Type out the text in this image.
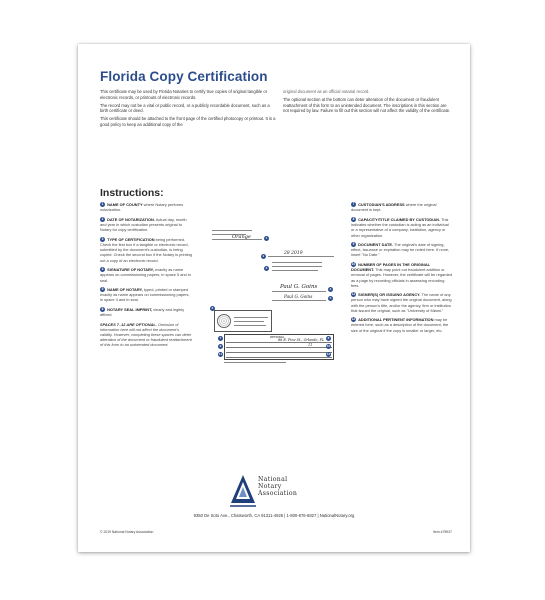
Florida Copy Certification

This certificate may be used by Florida Notaries to certify true copies of original tangible or electronic records, or printouts of electronic records.

The record may not be a vital or public record, or a publicly recordable document, such as a birth certificate or deed.

This certificate should be attached to the front page of the certified photocopy or printout. It is a good policy to keep an additional copy of the

original document as an official notarial record.

The optional section at the bottom can deter alteration of the document or fraudulent reattachment of this form to an unintended document. The inscriptions in this section are not required by law. Failure to fill out this section will not affect the validity of the certificate.

Instructions:
1 NAME OF COUNTY where Notary performs notarization.
2 DATE OF NOTARIZATION. Actual day, month and year in which custodian presents original to Notary for copy certification.
3 TYPE OF CERTIFICATION being performed. Check the first box if a tangible or electronic record, submitted by the document's custodian, is being copied. Check the second box if the Notary is printing out a copy of an electronic record.
4 SIGNATURE OF NOTARY, exactly as name appears on commissioning papers, in space 5 and in seal.
5 NAME OF NOTARY, typed, printed or stamped exactly as name appears on commissioning papers, in space 4 and in seal.
6 NOTARY SEAL IMPRINT, clearly and legibly affixed.
SPACES 7–12 ARE OPTIONAL. Omission of information here will not affect the document's validity. However, completing these spaces can deter alteration of the document or fraudulent reattachment of this form to an unintended document.
Orange	1
28 2019
2
3
Paul G. Goins	4
Paul G. Goins	5
6
OPTIONAL
86 E. Pine St., Orlando, FL
11
7	8
9	10
11	12
7 CUSTODIAN'S ADDRESS where the original document is kept.
8 CAPACITY/TITLE CLAIMED BY CUSTODIAN. This indicates whether the custodian is acting as an individual or a representative of a company, institution, agency or other organization.
9 DOCUMENT DATE. The original's date of signing, effect, issuance or expiration may be noted here. If none, insert "No Date."
10 NUMBER OF PAGES IN THE ORIGINAL DOCUMENT. This may point out fraudulent addition or removal of pages. However, the certificate will be regarded as a page by recording officials in assessing recording fees.
11 SIGNER(S) OR ISSUING AGENCY. The name of any person who may have signed the original document, along with the person's title, and/or the agency, firm or institution that issued the original, such as "University of Miami."
12 ADDITIONAL PERTINENT INFORMATION may be entered here, such as a description of the document, the size of the original if the copy is smaller or larger, etc.
National
Notary
Association
9350 De Soto Ave., Chatsworth, CA 91311-4926 | 1-800-876-6827 | NationalNotary.org
© 2019 National Notary Association	Item #78937
